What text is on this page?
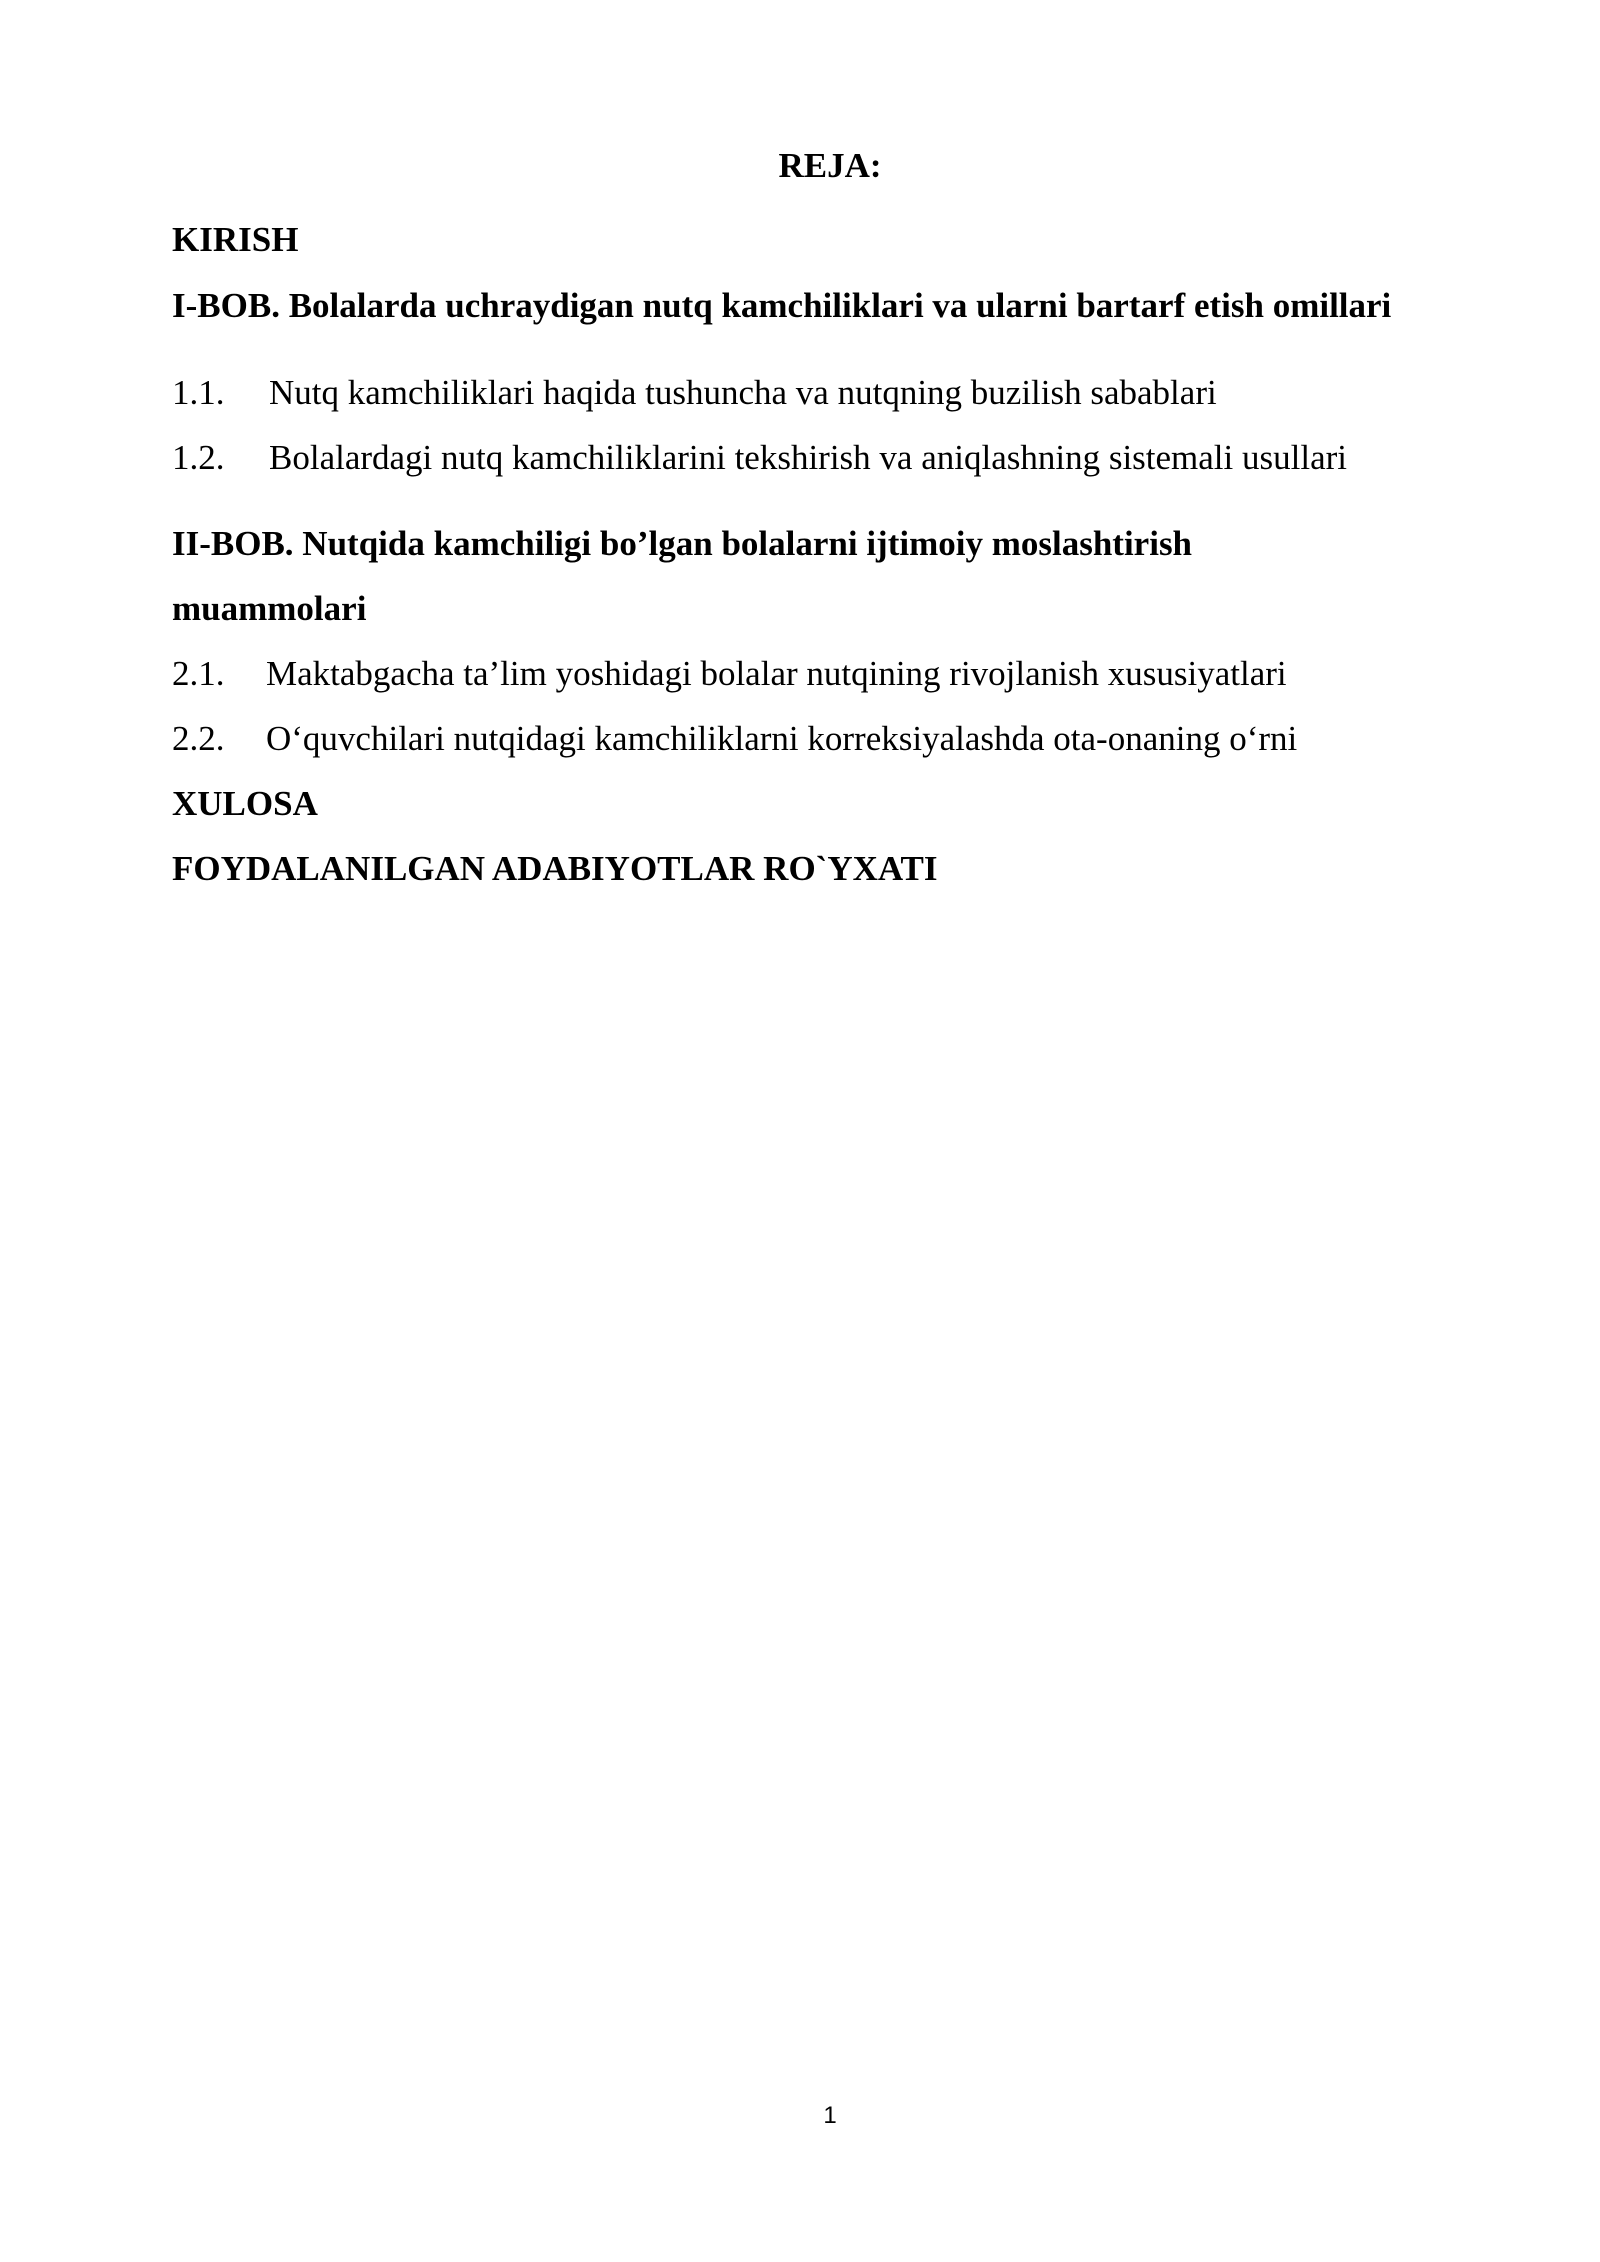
REJA:
KIRISH
I-BOB. Bolalarda uchraydigan nutq kamchiliklari va ularni bartarf etish omillari
1.1. Nutq kamchiliklari haqida tushuncha va nutqning buzilish sabablari
1.2. Bolalardagi nutq kamchiliklarini tekshirish va aniqlashning sistemali usullari
II-BOB. Nutqida kamchiligi bo’lgan bolalarni ijtimoiy moslashtirish
muammolari
2.1. Maktabgacha ta’lim yoshidagi bolalar nutqining rivojlanish xususiyatlari
2.2. O‘quvchilari nutqidagi kamchiliklarni korreksiyalashda ota-onaning o‘rni
XULOSA
FOYDALANILGAN ADABIYOTLAR RO`YXATI
1
